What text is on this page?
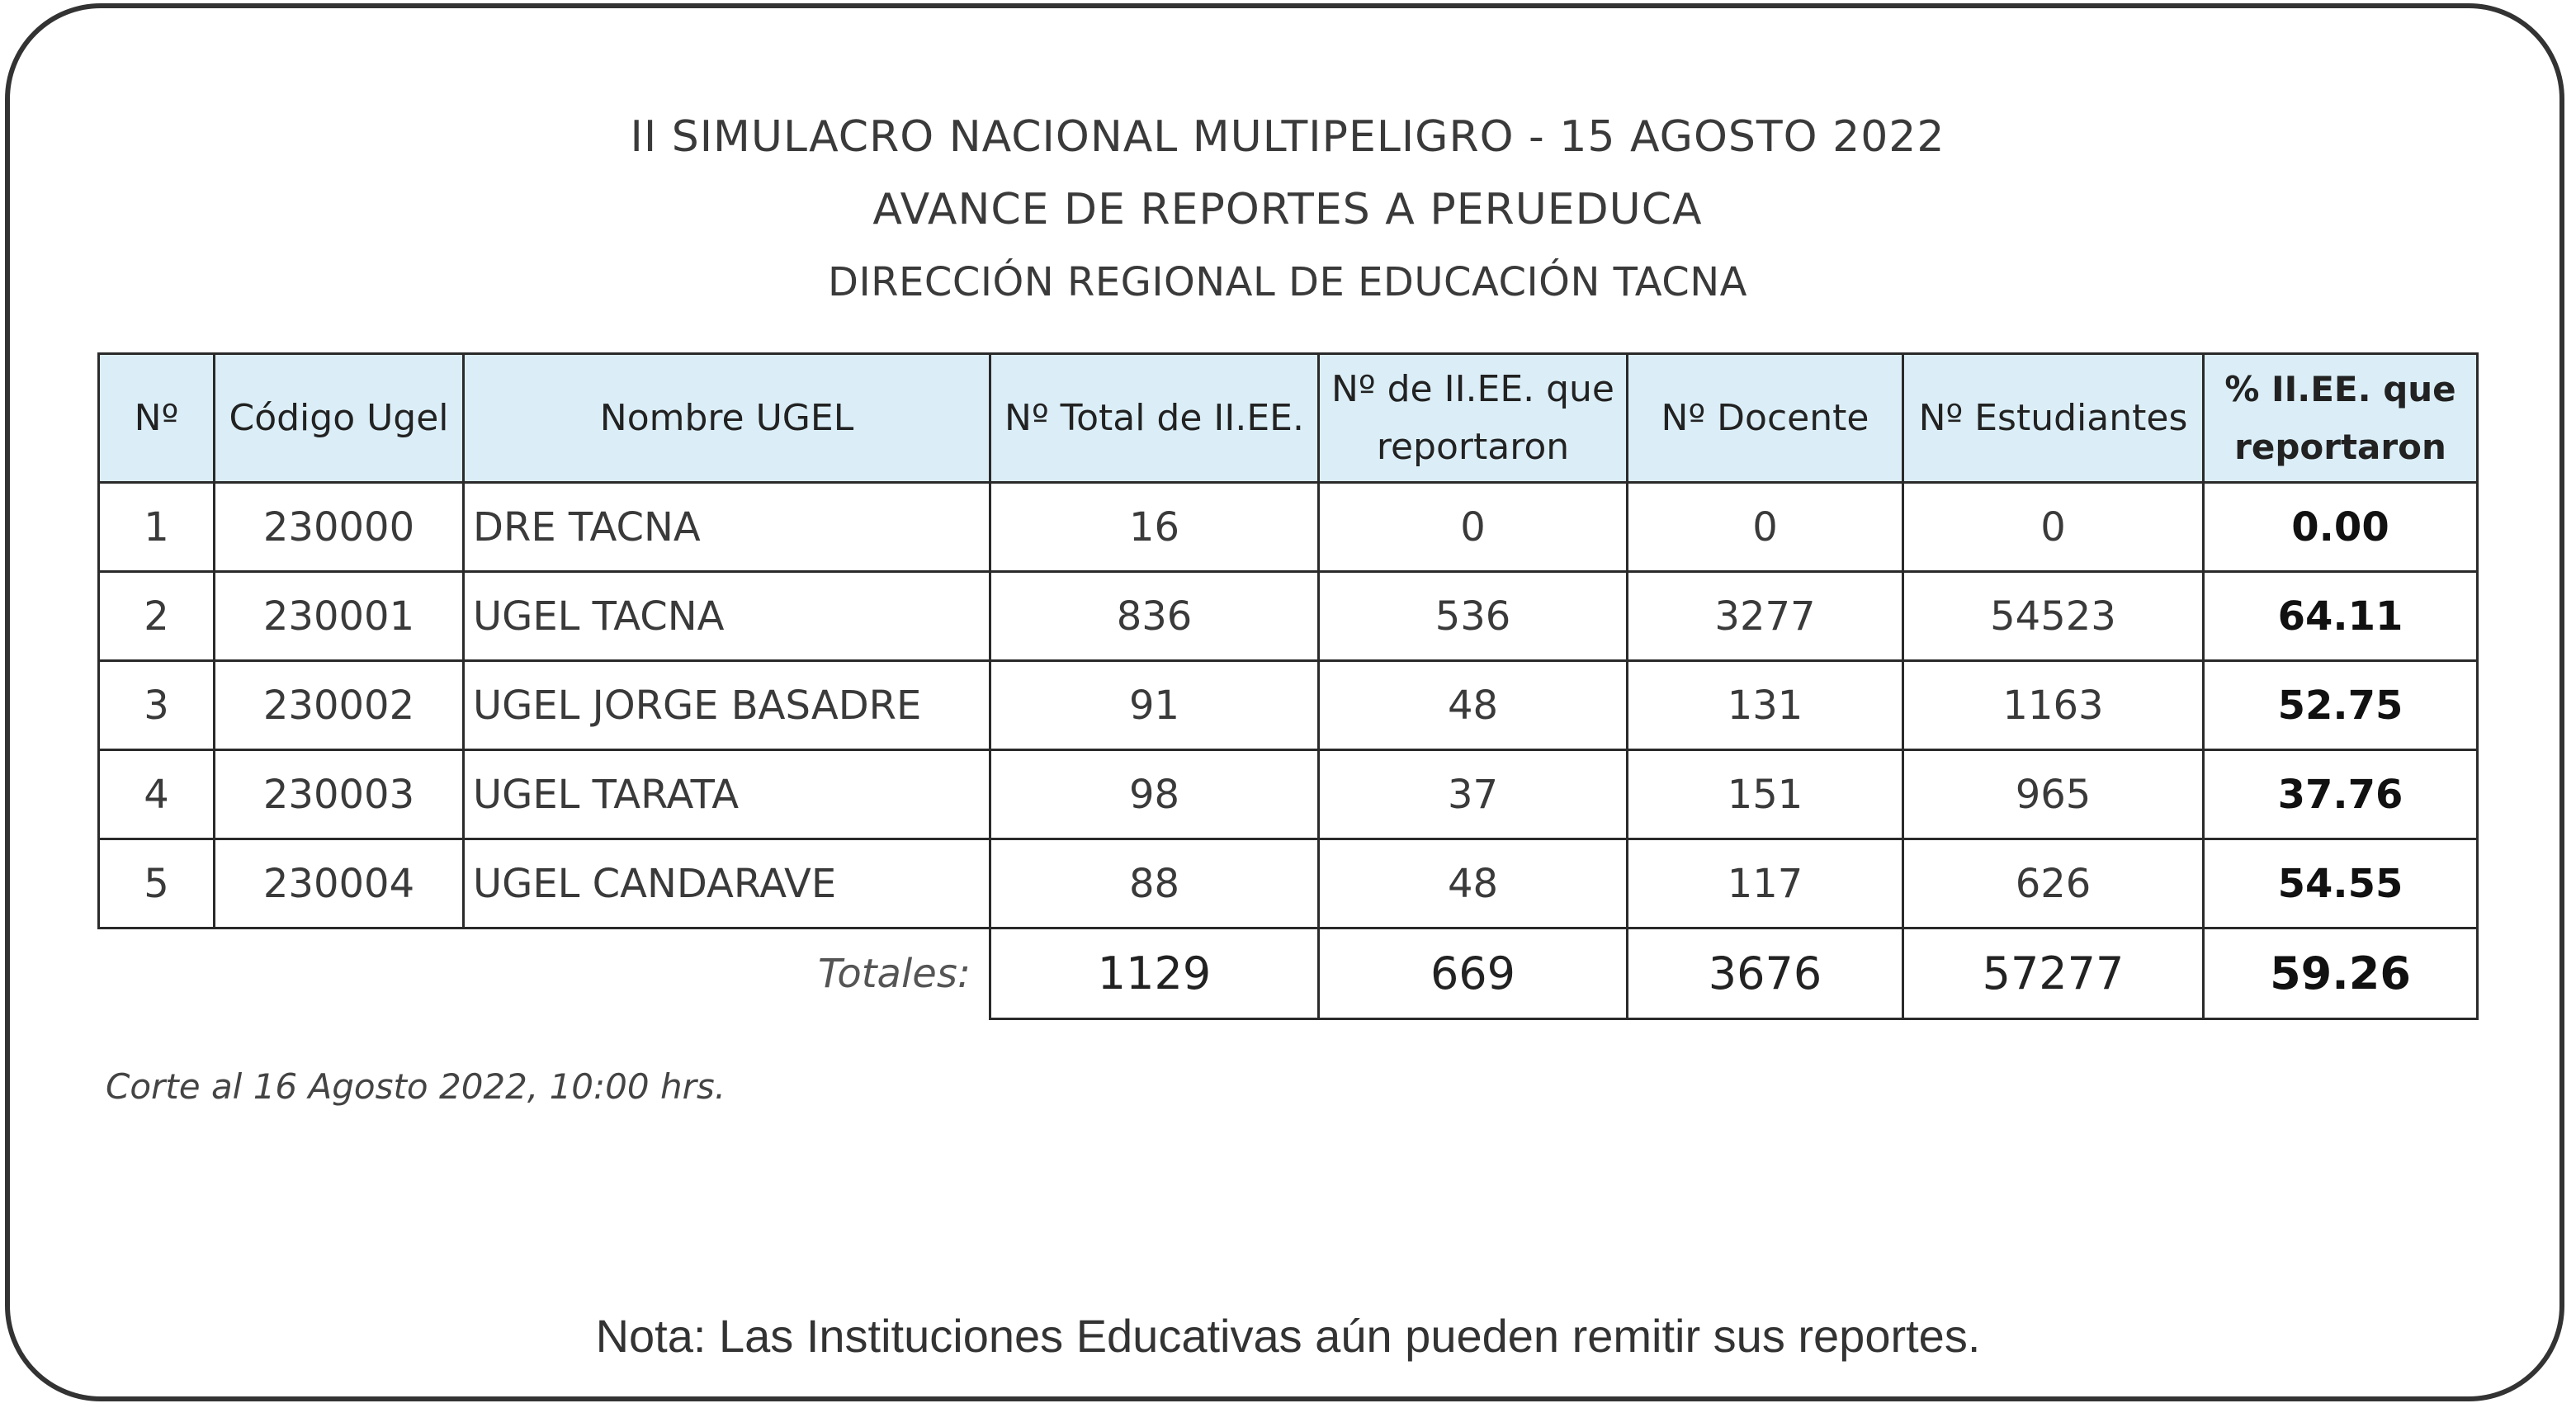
II SIMULACRO NACIONAL MULTIPELIGRO - 15 AGOSTO 2022
AVANCE DE REPORTES A PERUEDUCA
DIRECCIÓN REGIONAL DE EDUCACIÓN TACNA
Nº	Código Ugel	Nombre UGEL	Nº Total de II.EE.	Nº de II.EE. que reportaron	Nº Docente	Nº Estudiantes	% II.EE. que reportaron
1	230000	DRE TACNA	16	0	0	0	0.00
2	230001	UGEL TACNA	836	536	3277	54523	64.11
3	230002	UGEL JORGE BASADRE	91	48	131	1163	52.75
4	230003	UGEL TARATA	98	37	151	965	37.76
5	230004	UGEL CANDARAVE	88	48	117	626	54.55
		Totales:	1129	669	3676	57277	59.26
Corte al 16 Agosto 2022, 10:00 hrs.
Nota: Las Instituciones Educativas aún pueden remitir sus reportes.
